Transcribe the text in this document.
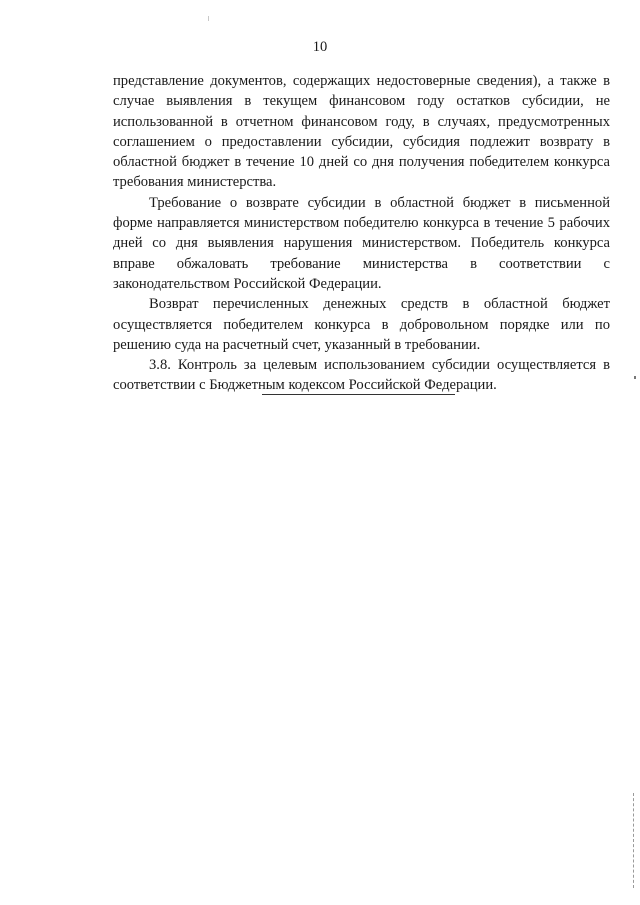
10

представление документов, содержащих недостоверные сведения), а также в случае выявления в текущем финансовом году остатков субсидии, не использованной в отчетном финансовом году, в случаях, предусмотренных соглашением о предоставлении субсидии, субсидия подлежит возврату в областной бюджет в течение 10 дней со дня получения победителем конкурса требования министерства.

Требование о возврате субсидии в областной бюджет в письменной форме направляется министерством победителю конкурса в течение 5 рабочих дней со дня выявления нарушения министерством. Победитель конкурса вправе обжаловать требование министерства в соответствии с законодательством Российской Федерации.

Возврат перечисленных денежных средств в областной бюджет осуществляется победителем конкурса в добровольном порядке или по решению суда на расчетный счет, указанный в требовании.

3.8. Контроль за целевым использованием субсидии осуществляется в соответствии с Бюджетным кодексом Российской Федерации.
